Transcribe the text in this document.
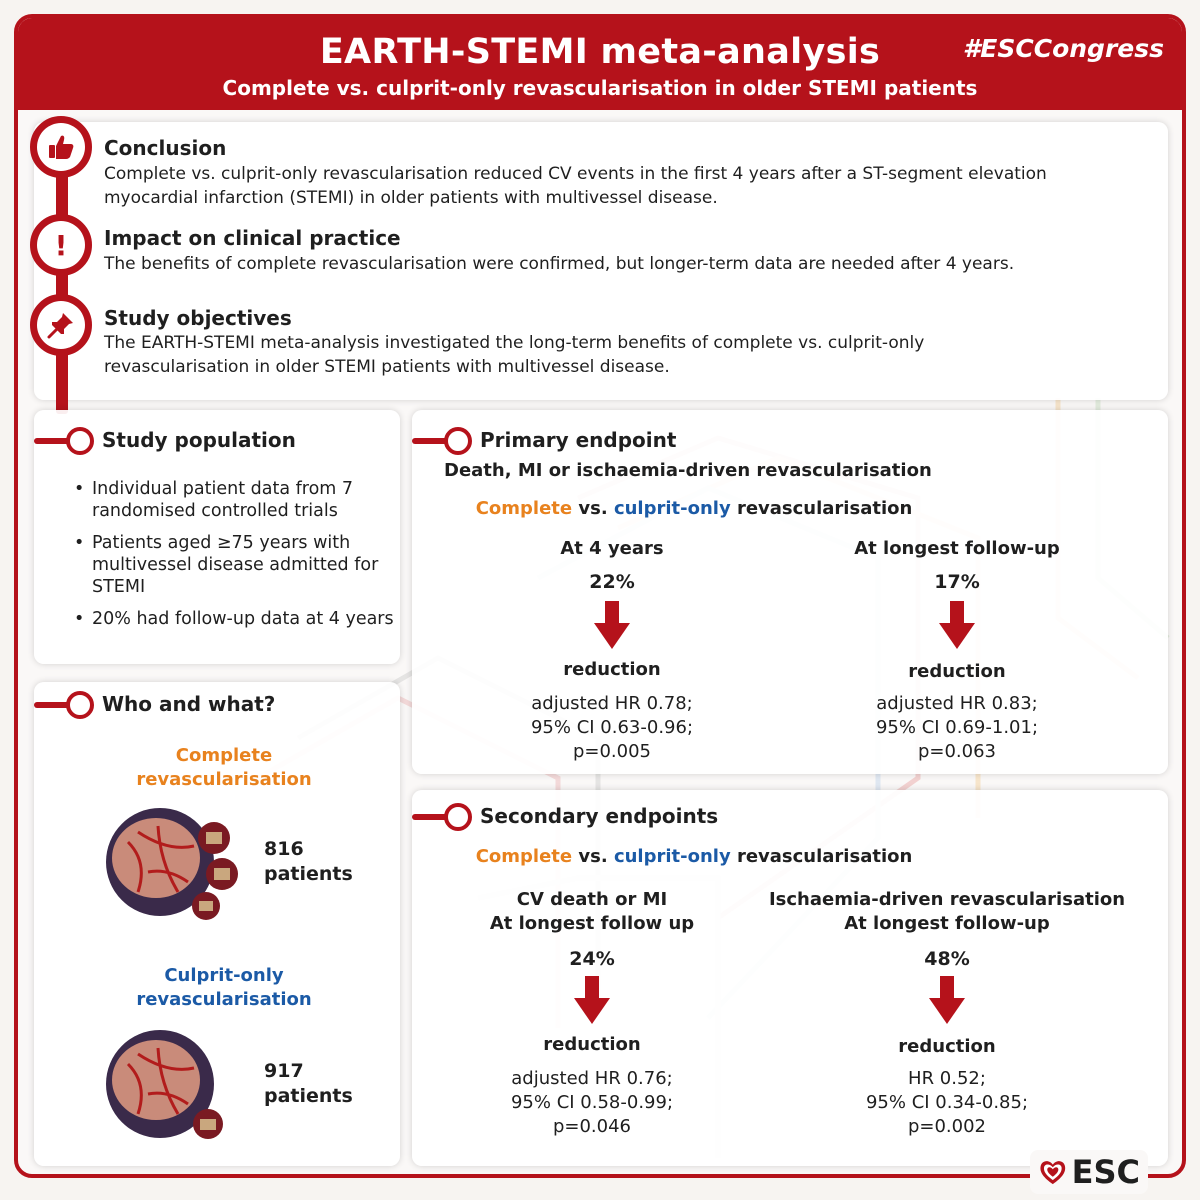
EARTH-STEMI meta-analysis
Complete vs. culprit-only revascularisation in older STEMI patients
#ESCCongress
Conclusion
Complete vs. culprit-only revascularisation reduced CV events in the first 4 years after a ST-segment elevation myocardial infarction (STEMI) in older patients with multivessel disease.
!	Impact on clinical practice
The benefits of complete revascularisation were confirmed, but longer-term data are needed after 4 years.
Study objectives
The EARTH-STEMI meta-analysis investigated the long-term benefits of complete vs. culprit-only revascularisation in older STEMI patients with multivessel disease.
Study population
• Individual patient data from 7 randomised controlled trials
• Patients aged ≥75 years with multivessel disease admitted for STEMI
• 20% had follow-up data at 4 years
Who and what?
Complete
revascularisation
816
patients
Culprit-only
revascularisation
917
patients
Primary endpoint
Death, MI or ischaemia-driven revascularisation
Complete vs. culprit-only revascularisation
At 4 years
22%
reduction
adjusted HR 0.78;
95% CI 0.63-0.96;
p=0.005
At longest follow-up
17%
reduction
adjusted HR 0.83;
95% CI 0.69-1.01;
p=0.063
Secondary endpoints
Complete vs. culprit-only revascularisation
CV death or MI
At longest follow up
24%
reduction
adjusted HR 0.76;
95% CI 0.58-0.99;
p=0.046
Ischaemia-driven revascularisation
At longest follow-up
48%
reduction
HR 0.52;
95% CI 0.34-0.85;
p=0.002
ESC
